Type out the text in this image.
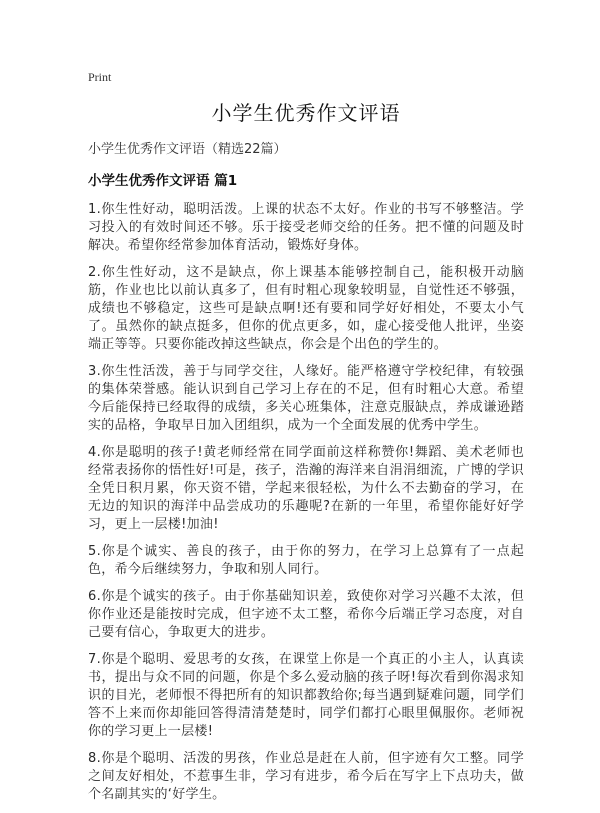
Print
小学生优秀作文评语
小学生优秀作文评语（精选22篇）
小学生优秀作文评语 篇1

1.你生性好动，聪明活泼。上课的状态不太好。作业的书写不够整洁。学习投入的有效时间还不够。乐于接受老师交给的任务。把不懂的问题及时解决。希望你经常参加体育活动，锻炼好身体。

2.你生性好动，这不是缺点，你上课基本能够控制自己，能积极开动脑筋，作业也比以前认真多了，但有时粗心现象较明显，自觉性还不够强，成绩也不够稳定，这些可是缺点啊!还有要和同学好好相处，不要太小气了。虽然你的缺点挺多，但你的优点更多，如，虚心接受他人批评，坐姿端正等等。只要你能改掉这些缺点，你会是个出色的学生的。

3.你生性活泼，善于与同学交往，人缘好。能严格遵守学校纪律，有较强的集体荣誉感。能认识到自己学习上存在的不足，但有时粗心大意。希望今后能保持已经取得的成绩，多关心班集体，注意克服缺点，养成谦逊踏实的品格，争取早日加入团组织，成为一个全面发展的优秀中学生。

4.你是聪明的孩子!黄老师经常在同学面前这样称赞你!舞蹈、美术老师也经常表扬你的悟性好!可是，孩子，浩瀚的海洋来自涓涓细流，广博的学识全凭日积月累，你天资不错，学起来很轻松，为什么不去勤奋的学习，在无边的知识的海洋中品尝成功的乐趣呢?在新的一年里，希望你能好好学习，更上一层楼!加油!

5.你是个诚实、善良的孩子，由于你的努力，在学习上总算有了一点起色，希今后继续努力，争取和别人同行。

6.你是个诚实的孩子。由于你基础知识差，致使你对学习兴趣不太浓，但你作业还是能按时完成，但字迹不太工整，希你今后端正学习态度，对自己要有信心，争取更大的进步。

7.你是个聪明、爱思考的女孩，在课堂上你是一个真正的小主人，认真读书，提出与众不同的问题，你是个多么爱动脑的孩子呀!每次看到你渴求知识的目光，老师恨不得把所有的知识都教给你;每当遇到疑难问题，同学们答不上来而你却能回答得清清楚楚时，同学们都打心眼里佩服你。老师祝你的学习更上一层楼!

8.你是个聪明、活泼的男孩，作业总是赶在人前，但字迹有欠工整。同学之间友好相处，不惹事生非，学习有进步，希今后在写字上下点功夫，做个名副其实的‘好学生。
